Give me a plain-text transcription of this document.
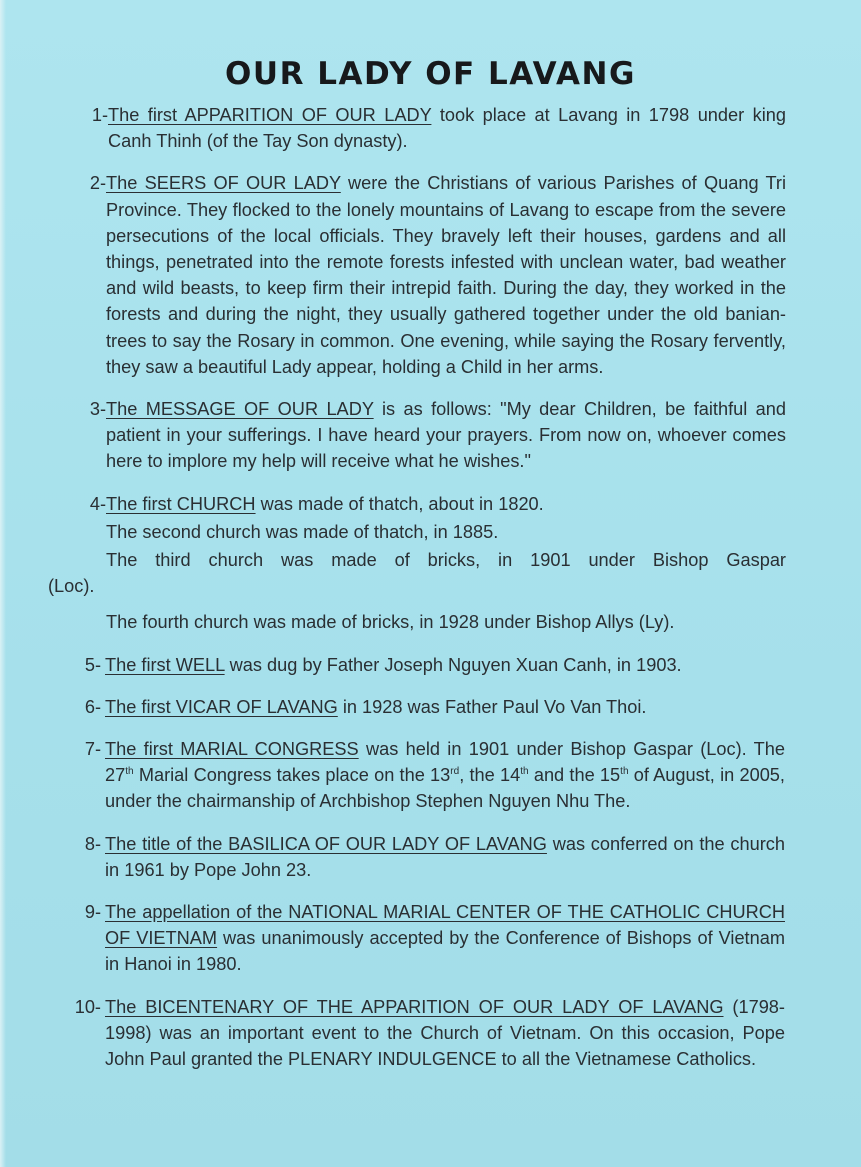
OUR LADY OF LAVANG
1- The first APPARITION OF OUR LADY took place at Lavang in 1798 under king Canh Thinh (of the Tay Son dynasty).
2- The SEERS OF OUR LADY were the Christians of various Parishes of Quang Tri Province. They flocked to the lonely mountains of Lavang to escape from the severe persecutions of the local officials. They bravely left their houses, gardens and all things, penetrated into the remote forests infested with unclean water, bad weather and wild beasts, to keep firm their intrepid faith. During the day, they worked in the forests and during the night, they usually gathered together under the old banian-trees to say the Rosary in common. One evening, while saying the Rosary fervently, they saw a beautiful Lady appear, holding a Child in her arms.
3- The MESSAGE OF OUR LADY is as follows: "My dear Children, be faithful and patient in your sufferings. I have heard your prayers. From now on, whoever comes here to implore my help will receive what he wishes."
4- The first CHURCH was made of thatch, about in 1820.
The second church was made of thatch, in 1885.
The third church was made of bricks, in 1901 under Bishop Gaspar
(Loc).
The fourth church was made of bricks, in 1928 under Bishop Allys (Ly).
5- The first WELL was dug by Father Joseph Nguyen Xuan Canh, in 1903.
6- The first VICAR OF LAVANG in 1928 was Father Paul Vo Van Thoi.
7- The first MARIAL CONGRESS was held in 1901 under Bishop Gaspar (Loc). The 27th Marial Congress takes place on the 13rd, the 14th and the 15th of August, in 2005, under the chairmanship of Archbishop Stephen Nguyen Nhu The.
8- The title of the BASILICA OF OUR LADY OF LAVANG was conferred on the church in 1961 by Pope John 23.
9- The appellation of the NATIONAL MARIAL CENTER OF THE CATHOLIC CHURCH OF VIETNAM was unanimously accepted by the Conference of Bishops of Vietnam in Hanoi in 1980.
10- The BICENTENARY OF THE APPARITION OF OUR LADY OF LAVANG (1798-1998) was an important event to the Church of Vietnam. On this occasion, Pope John Paul granted the PLENARY INDULGENCE to all the Vietnamese Catholics.
